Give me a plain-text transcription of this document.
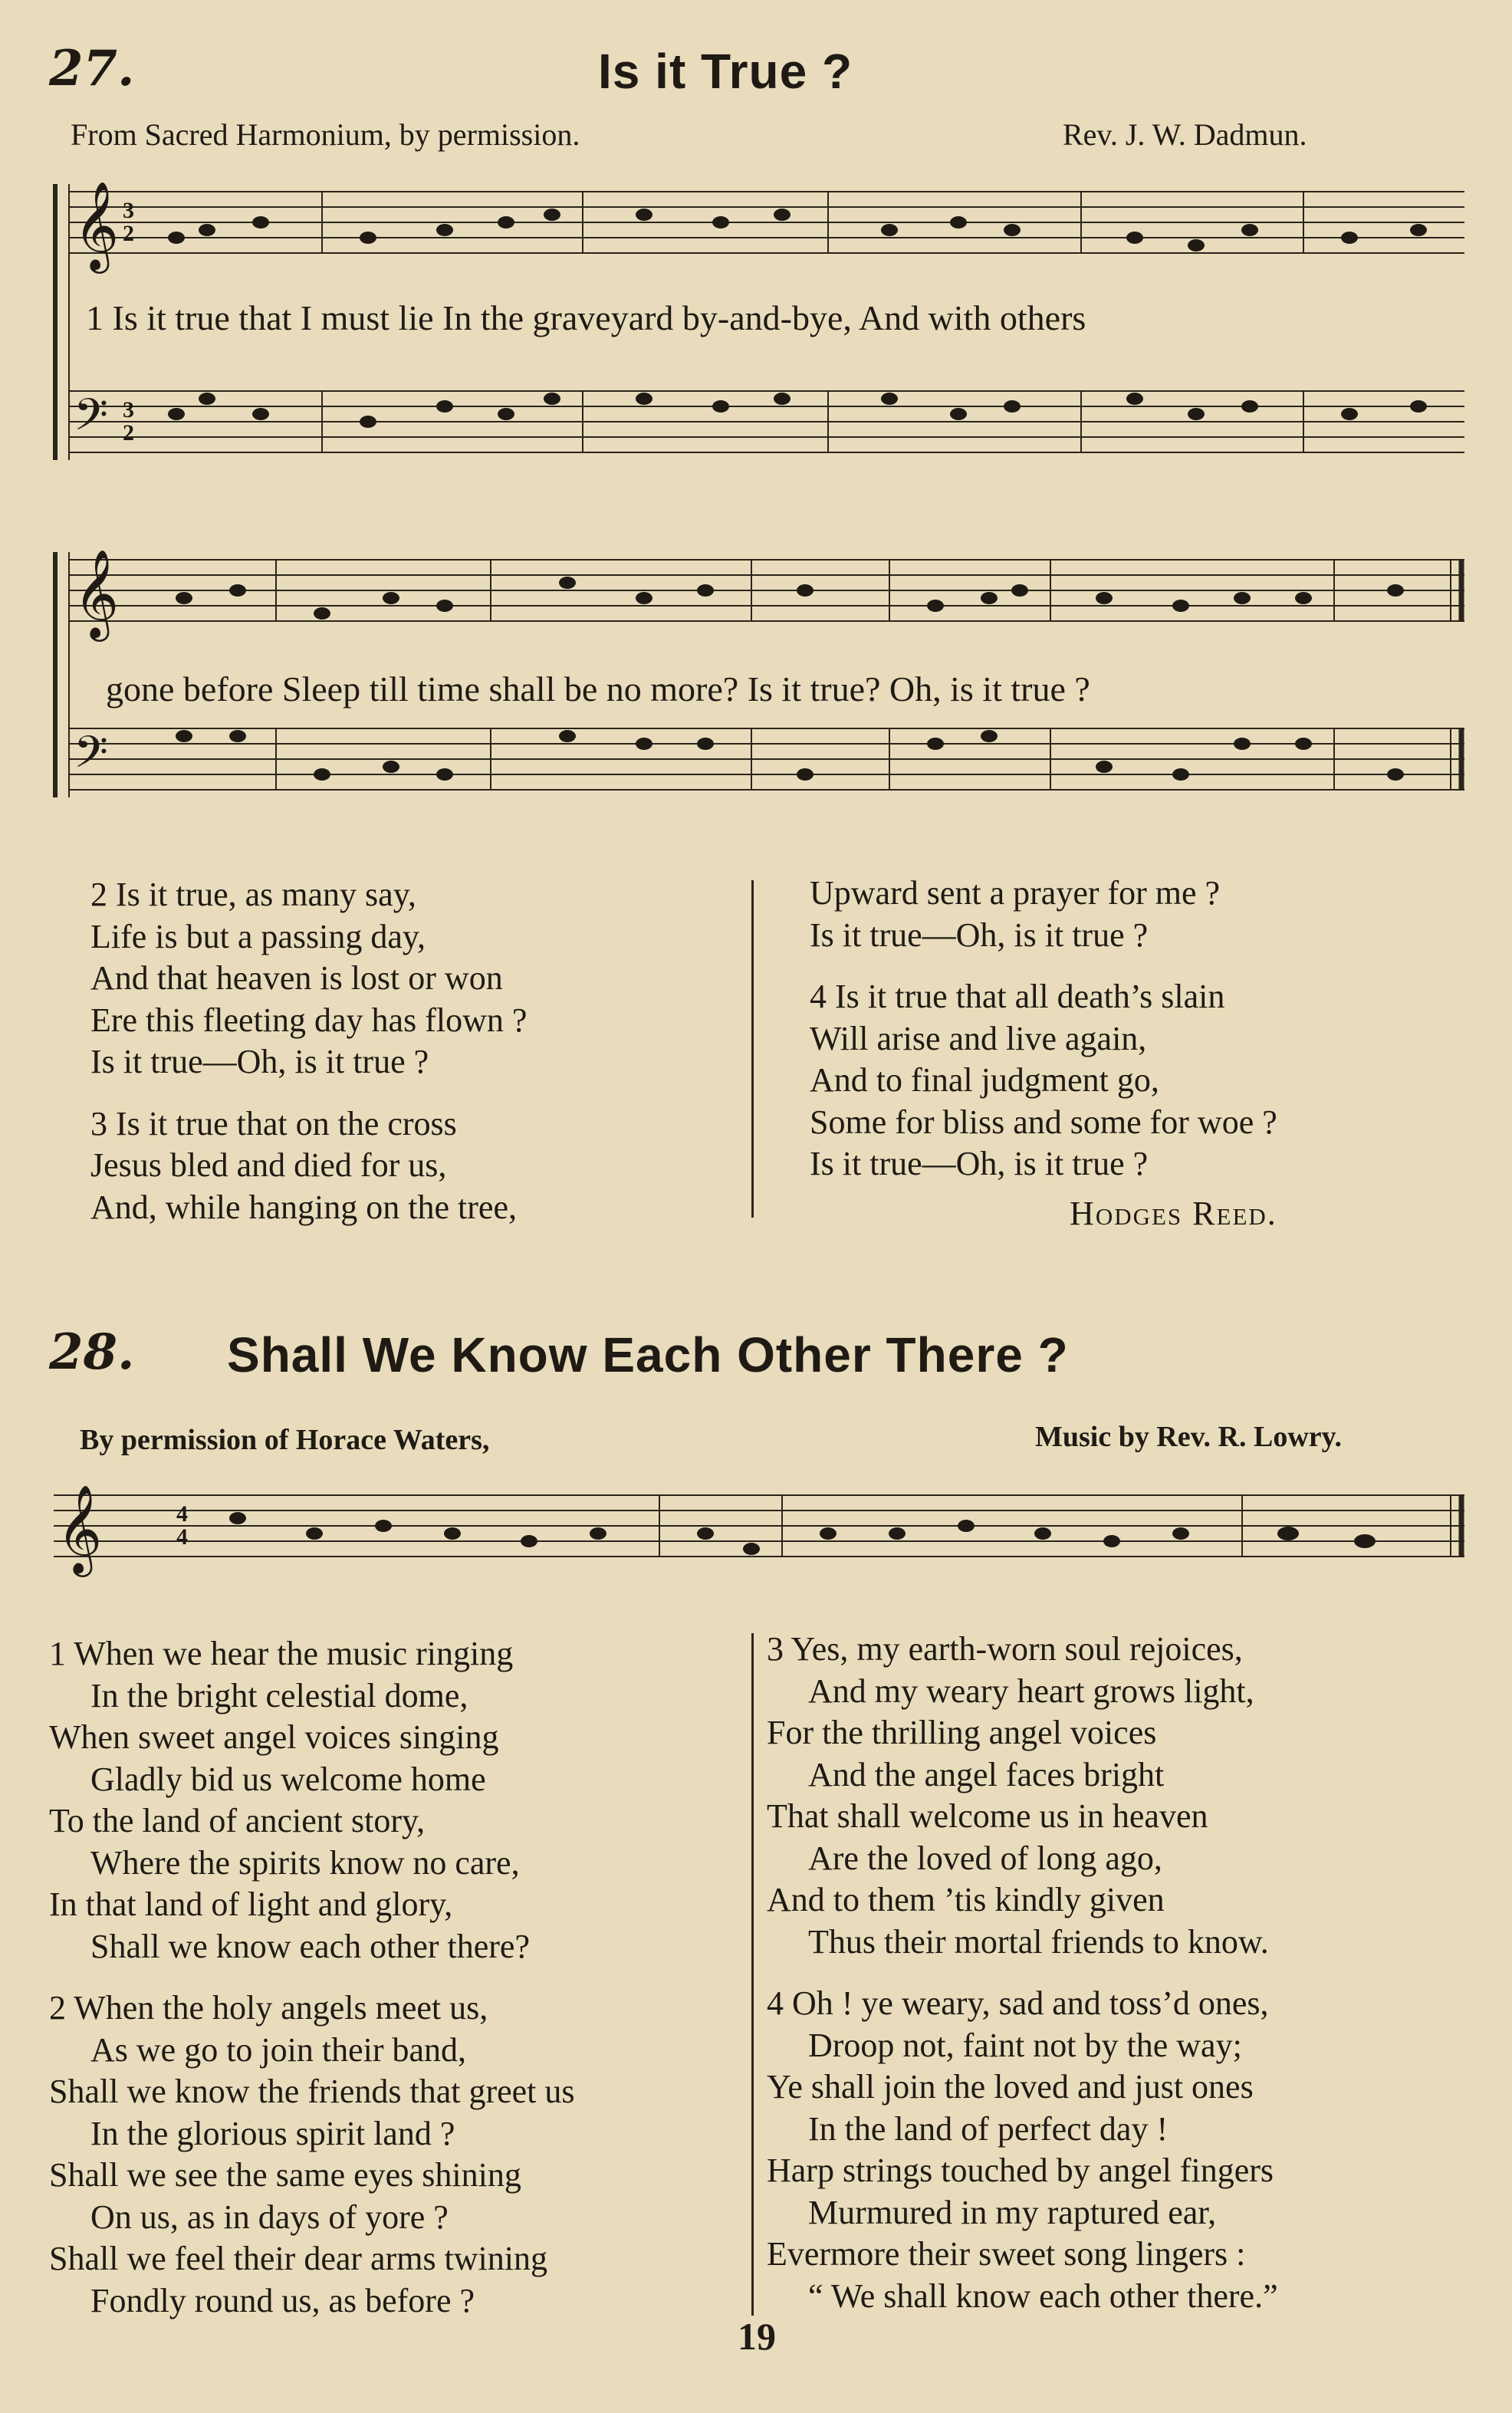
27.	Is it True ?
From Sacred Harmonium, by permission.	Rev. J. W. Dadmun.
𝄞
𝄢
3
2
3
2
1 Is it true that I must lie In the graveyard by-and-bye, And with others
𝄞
𝄢
gone before Sleep till time shall be no more? Is it true? Oh, is it true ?
2 Is it true, as many say,
Life is but a passing day,
And that heaven is lost or won
Ere this fleeting day has flown ?
Is it true—Oh, is it true ?
3 Is it true that on the cross
Jesus bled and died for us,
And, while hanging on the tree,
Upward sent a prayer for me ?
Is it true—Oh, is it true ?
4 Is it true that all death’s slain
Will arise and live again,
And to final judgment go,
Some for bliss and some for woe ?
Is it true—Oh, is it true ?
Hodges Reed.
28. Shall We Know Each Other There ?
By permission of Horace Waters,	Music by Rev. R. Lowry.
𝄞	4
4
1 When we hear the music ringing
In the bright celestial dome,
When sweet angel voices singing
Gladly bid us welcome home
To the land of ancient story,
Where the spirits know no care,
In that land of light and glory,
Shall we know each other there?
2 When the holy angels meet us,
As we go to join their band,
Shall we know the friends that greet us
In the glorious spirit land ?
Shall we see the same eyes shining
On us, as in days of yore ?
Shall we feel their dear arms twining
Fondly round us, as before ?
3 Yes, my earth-worn soul rejoices,
And my weary heart grows light,
For the thrilling angel voices
And the angel faces bright
That shall welcome us in heaven
Are the loved of long ago,
And to them ’tis kindly given
Thus their mortal friends to know.
4 Oh ! ye weary, sad and toss’d ones,
Droop not, faint not by the way;
Ye shall join the loved and just ones
In the land of perfect day !
Harp strings touched by angel fingers
Murmured in my raptured ear,
Evermore their sweet song lingers :
“ We shall know each other there.”
19
